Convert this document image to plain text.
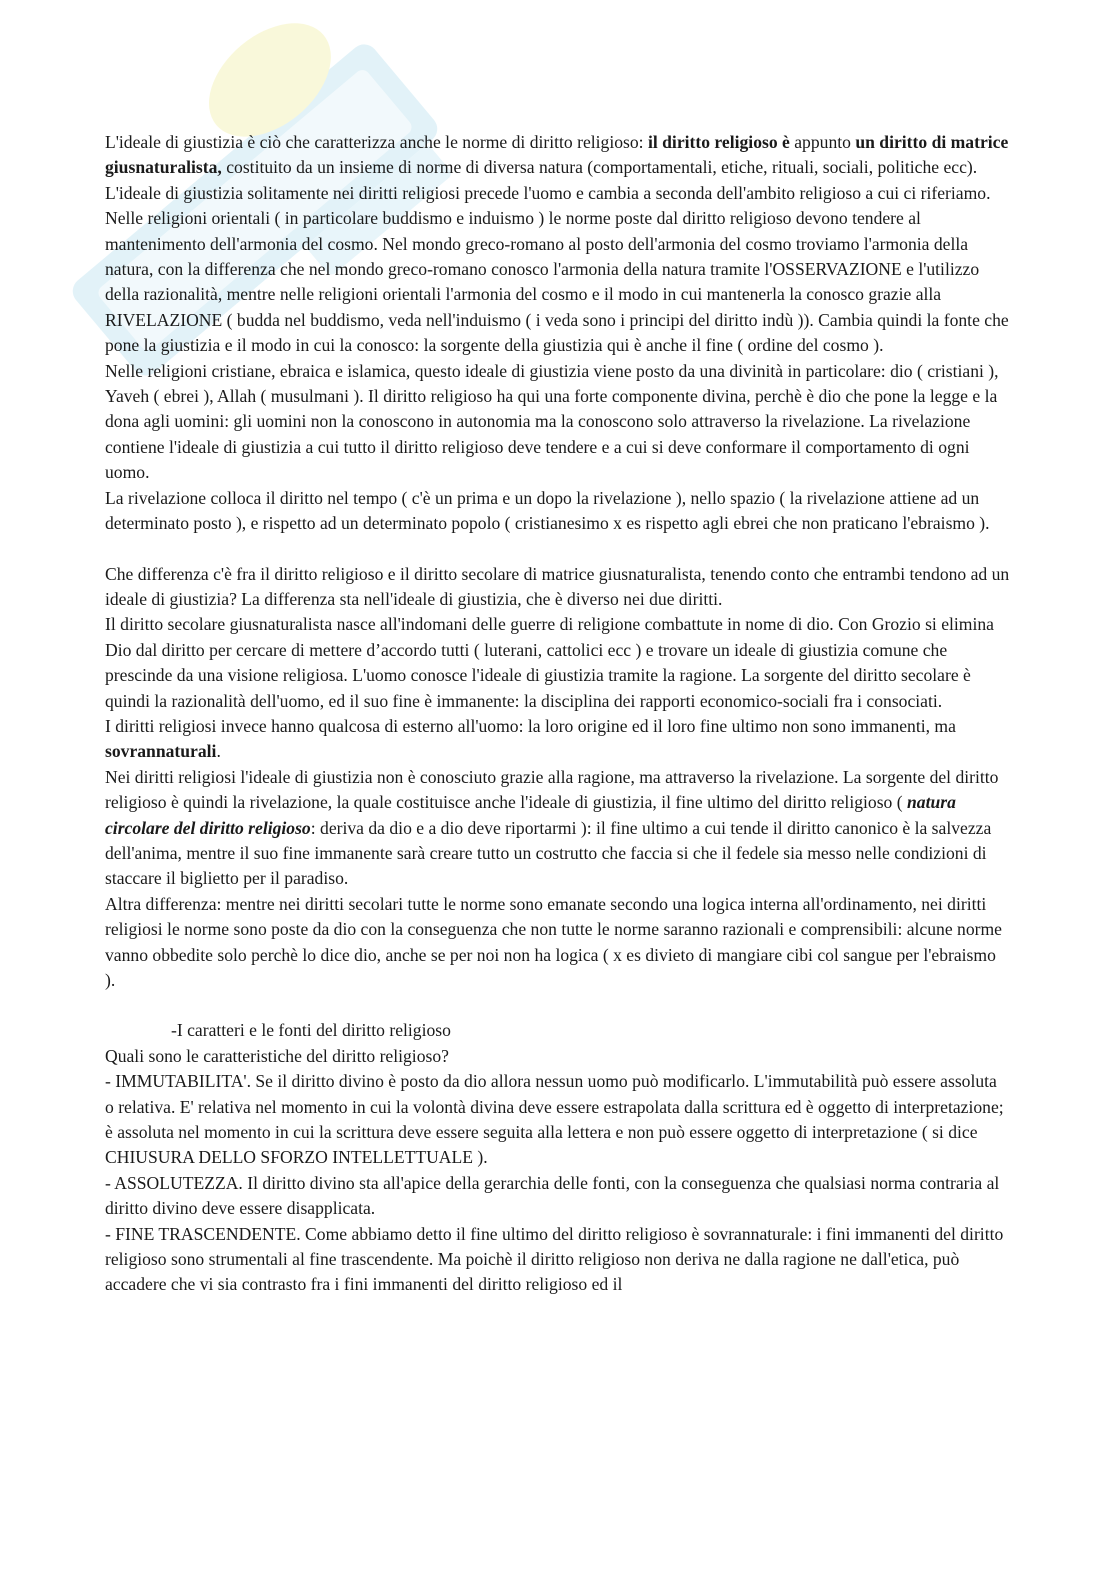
L'ideale di giustizia è ciò che caratterizza anche le norme di diritto religioso: il diritto religioso è appunto un diritto di matrice giusnaturalista, costituito da un insieme di norme di diversa natura (comportamentali, etiche, rituali, sociali, politiche ecc).

L'ideale di giustizia solitamente nei diritti religiosi precede l'uomo e cambia a seconda dell'ambito religioso a cui ci riferiamo. Nelle religioni orientali ( in particolare buddismo e induismo ) le norme poste dal diritto religioso devono tendere al mantenimento dell'armonia del cosmo. Nel mondo greco-romano al posto dell'armonia del cosmo troviamo l'armonia della natura, con la differenza che nel mondo greco-romano conosco l'armonia della natura tramite l'OSSERVAZIONE e l'utilizzo della razionalità, mentre nelle religioni orientali l'armonia del cosmo e il modo in cui mantenerla la conosco grazie alla RIVELAZIONE ( budda nel buddismo, veda nell'induismo ( i veda sono i principi del diritto indù )). Cambia quindi la fonte che pone la giustizia e il modo in cui la conosco: la sorgente della giustizia qui è anche il fine ( ordine del cosmo ).

Nelle religioni cristiane, ebraica e islamica, questo ideale di giustizia viene posto da una divinità in particolare: dio ( cristiani ), Yaveh ( ebrei ), Allah ( musulmani ). Il diritto religioso ha qui una forte componente divina, perchè è dio che pone la legge e la dona agli uomini: gli uomini non la conoscono in autonomia ma la conoscono solo attraverso la rivelazione. La rivelazione contiene l'ideale di giustizia a cui tutto il diritto religioso deve tendere e a cui si deve conformare il comportamento di ogni uomo.

La rivelazione colloca il diritto nel tempo ( c'è un prima e un dopo la rivelazione ), nello spazio ( la rivelazione attiene ad un determinato posto ), e rispetto ad un determinato popolo ( cristianesimo x es rispetto agli ebrei che non praticano l'ebraismo ).

Che differenza c'è fra il diritto religioso e il diritto secolare di matrice giusnaturalista, tenendo conto che entrambi tendono ad un ideale di giustizia? La differenza sta nell'ideale di giustizia, che è diverso nei due diritti.

Il diritto secolare giusnaturalista nasce all'indomani delle guerre di religione combattute in nome di dio. Con Grozio si elimina Dio dal diritto per cercare di mettere d’accordo tutti ( luterani, cattolici ecc ) e trovare un ideale di giustizia comune che prescinde da una visione religiosa. L'uomo conosce l'ideale di giustizia tramite la ragione. La sorgente del diritto secolare è quindi la razionalità dell'uomo, ed il suo fine è immanente: la disciplina dei rapporti economico-sociali fra i consociati.

I diritti religiosi invece hanno qualcosa di esterno all'uomo: la loro origine ed il loro fine ultimo non sono immanenti, ma sovrannaturali.

Nei diritti religiosi l'ideale di giustizia non è conosciuto grazie alla ragione, ma attraverso la rivelazione. La sorgente del diritto religioso è quindi la rivelazione, la quale costituisce anche l'ideale di giustizia, il fine ultimo del diritto religioso ( natura circolare del diritto religioso: deriva da dio e a dio deve riportarmi ): il fine ultimo a cui tende il diritto canonico è la salvezza dell'anima, mentre il suo fine immanente sarà creare tutto un costrutto che faccia si che il fedele sia messo nelle condizioni di staccare il biglietto per il paradiso.

Altra differenza: mentre nei diritti secolari tutte le norme sono emanate secondo una logica interna all'ordinamento, nei diritti religiosi le norme sono poste da dio con la conseguenza che non tutte le norme saranno razionali e comprensibili: alcune norme vanno obbedite solo perchè lo dice dio, anche se per noi non ha logica ( x es divieto di mangiare cibi col sangue per l'ebraismo ).

-I caratteri e le fonti del diritto religioso

Quali sono le caratteristiche del diritto religioso?

- IMMUTABILITA'. Se il diritto divino è posto da dio allora nessun uomo può modificarlo. L'immutabilità può essere assoluta o relativa. E' relativa nel momento in cui la volontà divina deve essere estrapolata dalla scrittura ed è oggetto di interpretazione; è assoluta nel momento in cui la scrittura deve essere seguita alla lettera e non può essere oggetto di interpretazione ( si dice CHIUSURA DELLO SFORZO INTELLETTUALE ).

- ASSOLUTEZZA. Il diritto divino sta all'apice della gerarchia delle fonti, con la conseguenza che qualsiasi norma contraria al diritto divino deve essere disapplicata.

- FINE TRASCENDENTE. Come abbiamo detto il fine ultimo del diritto religioso è sovrannaturale: i fini immanenti del diritto religioso sono strumentali al fine trascendente. Ma poichè il diritto religioso non deriva ne dalla ragione ne dall'etica, può accadere che vi sia contrasto fra i fini immanenti del diritto religioso ed il
